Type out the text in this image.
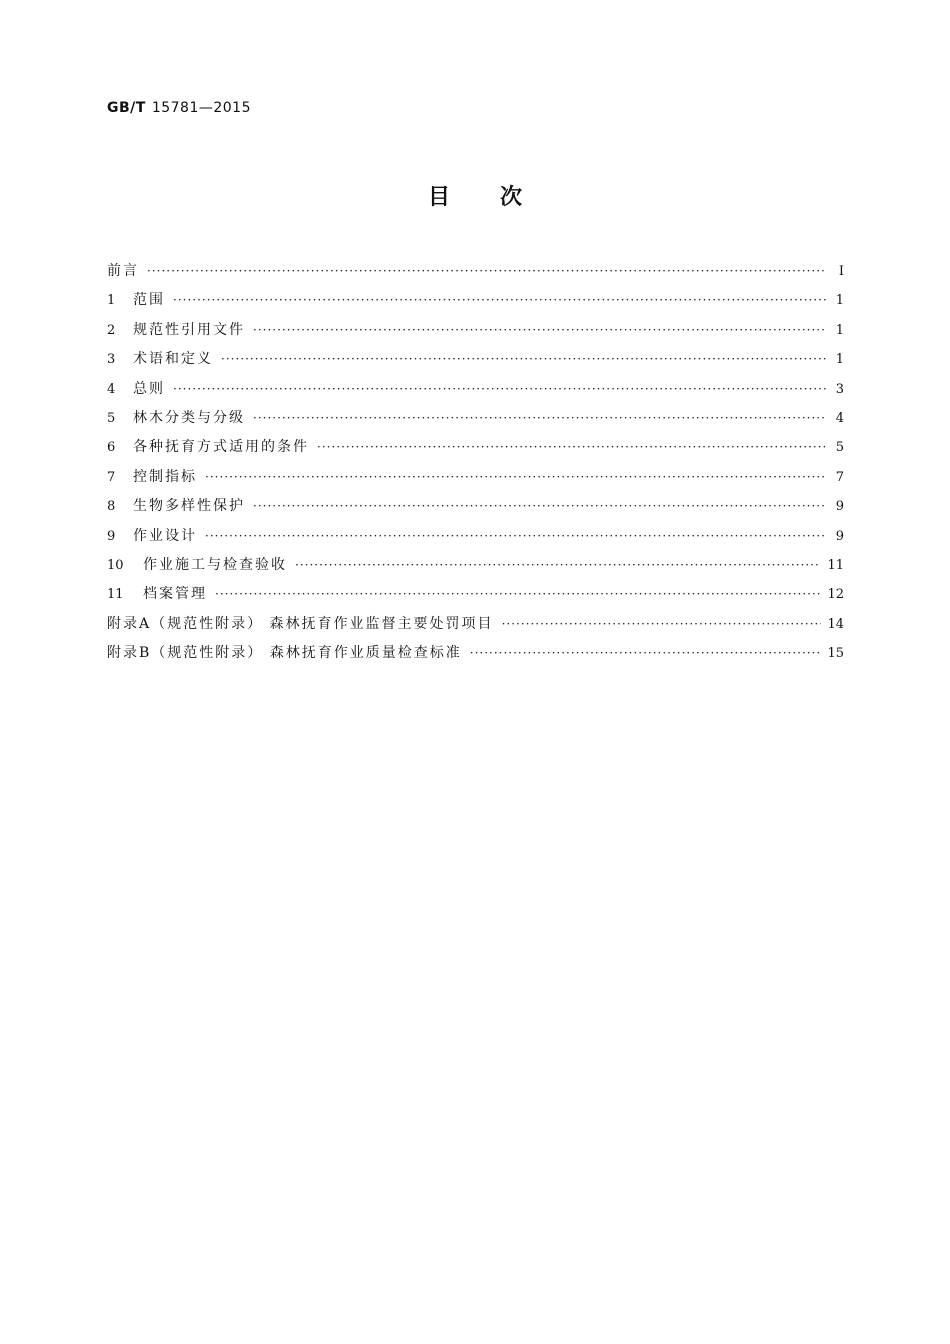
GB/T 15781—2015
目次
前言 ·····	Ⅰ
1	范围 ·····	1
2	规范性引用文件 ·····	1
3	术语和定义 ·····	1
4	总则 ·····	3
5	林木分类与分级 ·····	4
6	各种抚育方式适用的条件 ·····	5
7	控制指标 ·····	7
8	生物多样性保护 ·····	9
9	作业设计 ·····	9
10	作业施工与检查验收 ·····	11
11	档案管理 ·····	12
附录A（规范性附录） 森林抚育作业监督主要处罚项目 ·····	14
附录B（规范性附录） 森林抚育作业质量检查标准 ·····	15
